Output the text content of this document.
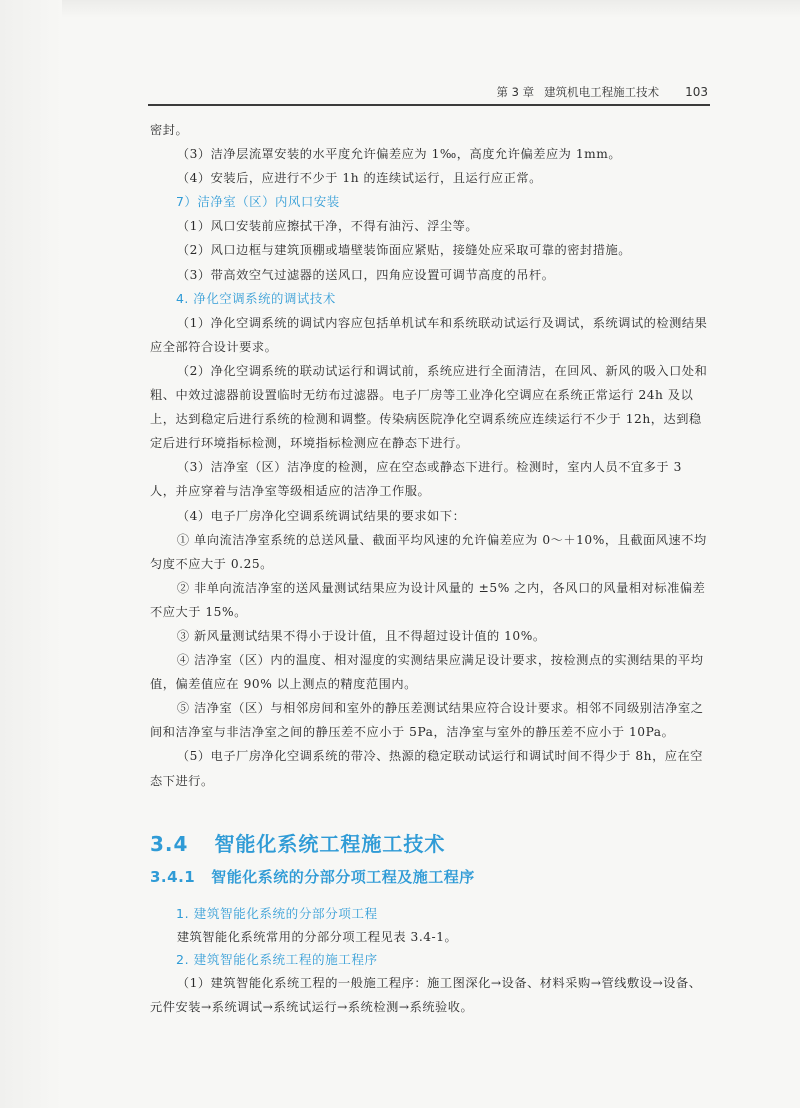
第 3 章 建筑机电工程施工技术 103

密封。

（3）洁净层流罩安装的水平度允许偏差应为 1‰，高度允许偏差应为 1mm。

（4）安装后，应进行不少于 1h 的连续试运行，且运行应正常。

7）洁净室（区）内风口安装

（1）风口安装前应擦拭干净，不得有油污、浮尘等。

（2）风口边框与建筑顶棚或墙壁装饰面应紧贴，接缝处应采取可靠的密封措施。

（3）带高效空气过滤器的送风口，四角应设置可调节高度的吊杆。

4. 净化空调系统的调试技术

（1）净化空调系统的调试内容应包括单机试车和系统联动试运行及调试，系统调试的检测结果应全部符合设计要求。

（2）净化空调系统的联动试运行和调试前，系统应进行全面清洁，在回风、新风的吸入口处和粗、中效过滤器前设置临时无纺布过滤器。电子厂房等工业净化空调应在系统正常运行 24h 及以上，达到稳定后进行系统的检测和调整。传染病医院净化空调系统应连续运行不少于 12h，达到稳定后进行环境指标检测，环境指标检测应在静态下进行。

（3）洁净室（区）洁净度的检测，应在空态或静态下进行。检测时，室内人员不宜多于 3 人，并应穿着与洁净室等级相适应的洁净工作服。

（4）电子厂房净化空调系统调试结果的要求如下：

① 单向流洁净室系统的总送风量、截面平均风速的允许偏差应为 0～＋10%，且截面风速不均匀度不应大于 0.25。

② 非单向流洁净室的送风量测试结果应为设计风量的 ±5% 之内，各风口的风量相对标准偏差不应大于 15%。

③ 新风量测试结果不得小于设计值，且不得超过设计值的 10%。

④ 洁净室（区）内的温度、相对湿度的实测结果应满足设计要求，按检测点的实测结果的平均值，偏差值应在 90% 以上测点的精度范围内。

⑤ 洁净室（区）与相邻房间和室外的静压差测试结果应符合设计要求。相邻不同级别洁净室之间和洁净室与非洁净室之间的静压差不应小于 5Pa，洁净室与室外的静压差不应小于 10Pa。

（5）电子厂房净化空调系统的带冷、热源的稳定联动试运行和调试时间不得少于 8h，应在空态下进行。

3.4 智能化系统工程施工技术
3.4.1 智能化系统的分部分项工程及施工程序

1. 建筑智能化系统的分部分项工程

建筑智能化系统常用的分部分项工程见表 3.4-1。

2. 建筑智能化系统工程的施工程序

（1）建筑智能化系统工程的一般施工程序：施工图深化→设备、材料采购→管线敷设→设备、元件安装→系统调试→系统试运行→系统检测→系统验收。
